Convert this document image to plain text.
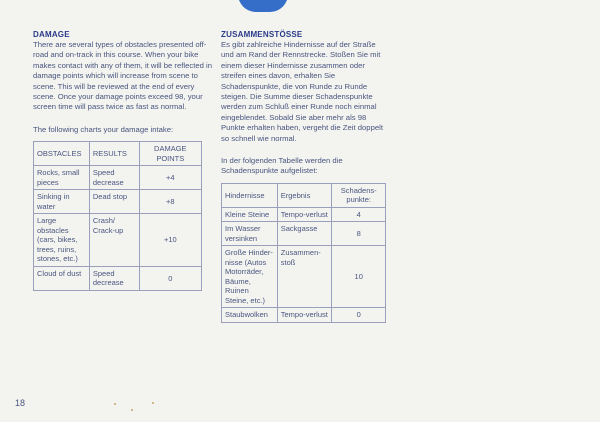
DAMAGE

There are several types of obstacles presented off-road and on-track in this course. When your bike makes contact with any of them, it will be reflected in damage points which will increase from scene to scene. This will be reviewed at the end of every scene. Once your damage points exceed 98, your screen time will pass twice as fast as normal.

The following charts your damage intake:

OBSTACLES	RESULTS	DAMAGE POINTS
Rocks, small pieces	Speed decrease	+4
Sinking in water	Dead stop	+8
Large obstacles (cars, bikes, trees, ruins, stones, etc.)	Crash/ Crack-up	+10
Cloud of dust	Speed decrease	0
ZUSAMMENSTÖSSE

Es gibt zahlreiche Hindernisse auf der Straße und am Rand der Rennstrecke. Stoßen Sie mit einem dieser Hindernisse zusammen oder streifen eines davon, erhalten Sie Schadenspunkte, die von Runde zu Runde steigen. Die Summe dieser Schadenspunkte werden zum Schluß einer Runde noch einmal eingeblendet. Sobald Sie aber mehr als 98 Punkte erhalten haben, vergeht die Zeit doppelt so schnell wie normal.

In der folgenden Tabelle werden die Schadenspunkte aufgelistet:

Hindernisse	Ergebnis	Schadens-punkte:
Kleine Steine	Tempo-verlust	4
Im Wasser versinken	Sackgasse	8
Große Hinder-nisse (Autos Motorräder, Bäume, Ruinen Steine, etc.)	Zusammen-stoß	10
Staubwolken	Tempo-verlust	0
18
